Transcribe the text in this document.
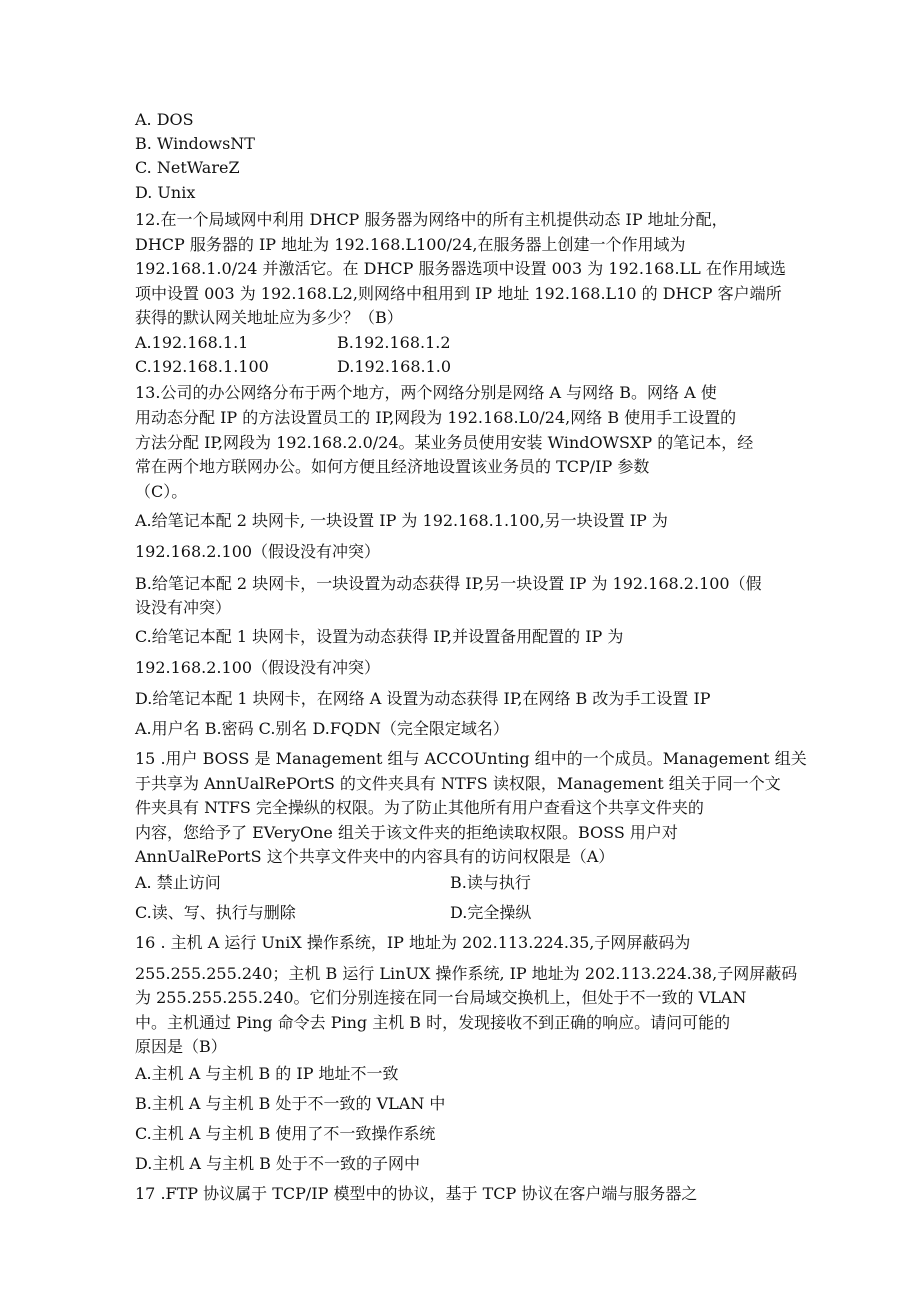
A. DOS
B. WindowsNT
C. NetWareZ
D. Unix
12.在一个局域网中利用 DHCP 服务器为网络中的所有主机提供动态 IP 地址分配，
DHCP 服务器的 IP 地址为 192.168.L100/24,在服务器上创建一个作用域为
192.168.1.0/24 并激活它。在 DHCP 服务器选项中设置 003 为 192.168.LL 在作用域选
项中设置 003 为 192.168.L2,则网络中租用到 IP 地址 192.168.L10 的 DHCP 客户端所
获得的默认网关地址应为多少？（B）
A.192.168.1.1	B.192.168.1.2
C.192.168.1.100	D.192.168.1.0
13.公司的办公网络分布于两个地方，两个网络分别是网络 A 与网络 B。网络 A 使
用动态分配 IP 的方法设置员工的 IP,网段为 192.168.L0/24,网络 B 使用手工设置的
方法分配 IP,网段为 192.168.2.0/24。某业务员使用安装 WindOWSXP 的笔记本，经
常在两个地方联网办公。如何方便且经济地设置该业务员的 TCP/IP 参数
（C）。
A.给笔记本配 2 块网卡, 一块设置 IP 为 192.168.1.100,另一块设置 IP 为
192.168.2.100（假设没有冲突）
B.给笔记本配 2 块网卡，一块设置为动态获得 IP,另一块设置 IP 为 192.168.2.100（假
设没有冲突）
C.给笔记本配 1 块网卡，设置为动态获得 IP,并设置备用配置的 IP 为
192.168.2.100（假设没有冲突）
D.给笔记本配 1 块网卡，在网络 A 设置为动态获得 IP,在网络 B 改为手工设置 IP
A.用户名 B.密码 C.别名 D.FQDN（完全限定域名）
15 .用户 BOSS 是 Management 组与 ACCOUnting 组中的一个成员。Management 组关
于共享为 AnnUalRePOrtS 的文件夹具有 NTFS 读权限，Management 组关于同一个文
件夹具有 NTFS 完全操纵的权限。为了防止其他所有用户查看这个共享文件夹的
内容，您给予了 EVeryOne 组关于该文件夹的拒绝读取权限。BOSS 用户对
AnnUalRePortS 这个共享文件夹中的内容具有的访问权限是（A）
A. 禁止访问	B.读与执行
C.读、写、执行与删除	D.完全操纵
16 . 主机 A 运行 UniX 操作系统，IP 地址为 202.113.224.35,子网屏蔽码为
255.255.255.240；主机 B 运行 LinUX 操作系统, IP 地址为 202.113.224.38,子网屏蔽码
为 255.255.255.240。它们分别连接在同一台局域交换机上，但处于不一致的 VLAN
中。主机通过 Ping 命令去 Ping 主机 B 时，发现接收不到正确的响应。请问可能的
原因是（B）
A.主机 A 与主机 B 的 IP 地址不一致
B.主机 A 与主机 B 处于不一致的 VLAN 中
C.主机 A 与主机 B 使用了不一致操作系统
D.主机 A 与主机 B 处于不一致的子网中
17 .FTP 协议属于 TCP/IP 模型中的协议，基于 TCP 协议在客户端与服务器之
